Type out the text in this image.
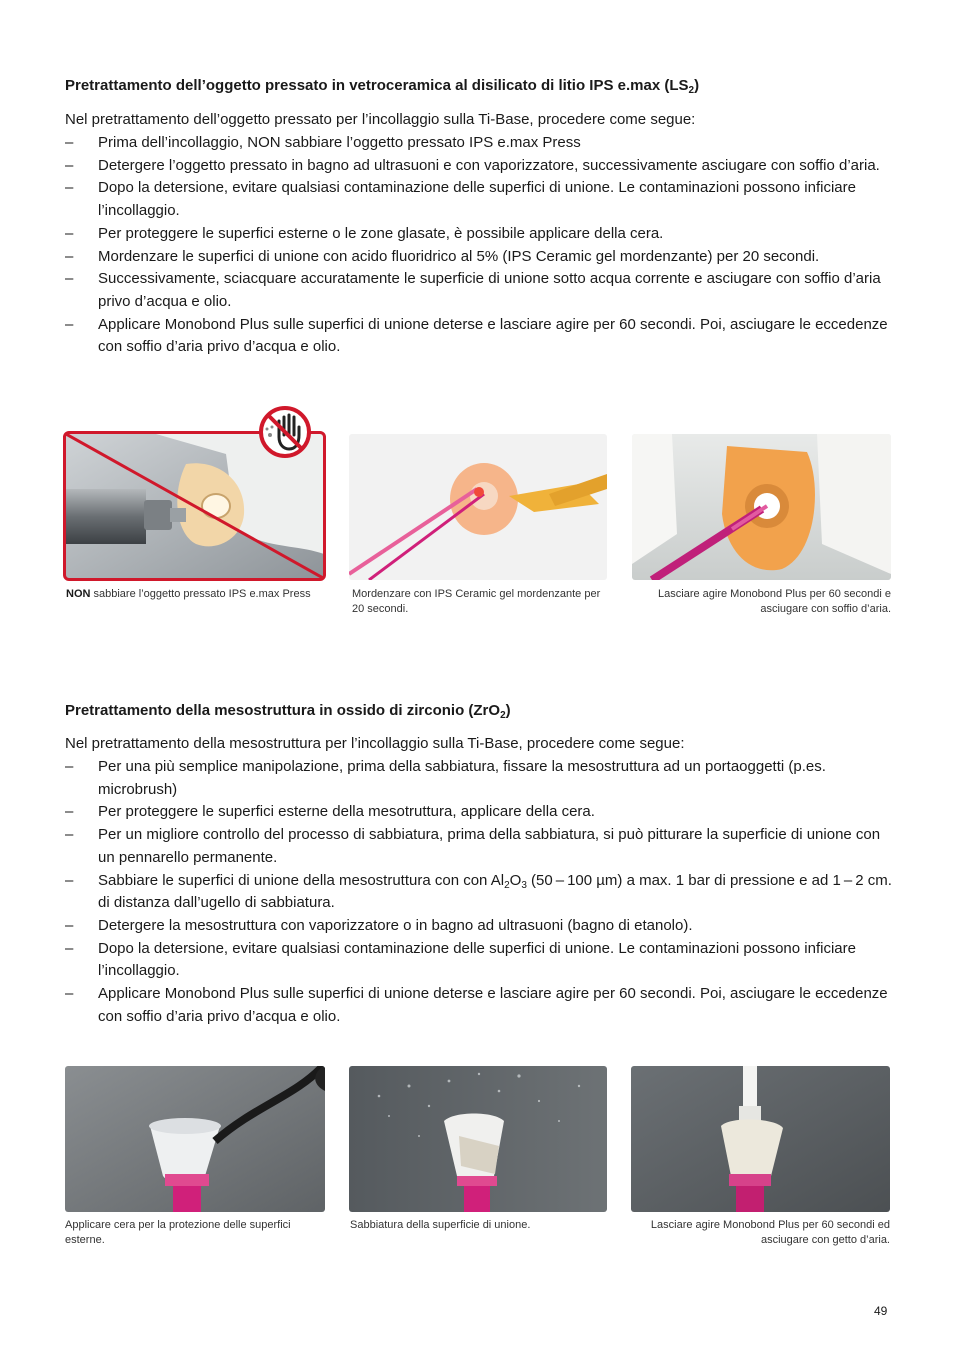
Pretrattamento dell’oggetto pressato in vetroceramica al disilicato di litio IPS e.max $(LS_2)$

Nel pretrattamento dell’oggetto pressato per l’incollaggio sulla Ti-Base, procedere come segue:

– Prima dell’incollaggio, NON sabbiare l’oggetto pressato IPS e.max Press
– Detergere l’oggetto pressato in bagno ad ultrasuoni e con vaporizzatore, successivamente asciugare con soffio d’aria.
– Dopo la detersione, evitare qualsiasi contaminazione delle superfici di unione. Le contaminazioni possono inficiare l’incollaggio.
– Per proteggere le superfici esterne o le zone glasate, è possibile applicare della cera.
– Mordenzare le superfici di unione con acido fluoridrico al 5% (IPS Ceramic gel mordenzante) per 20 secondi.
– Successivamente, sciacquare accuratamente le superficie di unione sotto acqua corrente e asciugare con soffio d’aria privo d’acqua e olio.
– Applicare Monobond Plus sulle superfici di unione deterse e lasciare agire per 60 secondi. Poi, asciugare le eccedenze con soffio d’aria privo d’acqua e olio.

NON sabbiare l’oggetto pressato IPS e.max Press	Mordenzare con IPS Ceramic gel mordenzante per 20 secondi.

Lasciare agire Monobond Plus per 60 secondi e asciugare con soffio d’aria.

Pretrattamento della mesostruttura in ossido di zirconio (ZrO$_2$)

Nel pretrattamento della mesostruttura per l’incollaggio sulla Ti-Base, procedere come segue:

– Per una più semplice manipolazione, prima della sabbiatura, fissare la mesostruttura ad un portaoggetti (p.es. microbrush)
– Per proteggere le superfici esterne della mesotruttura, applicare della cera.
– Per un migliore controllo del processo di sabbiatura, prima della sabbiatura, si può pitturare la superficie di unione con un pennarello permanente.
– Sabbiare le superfici di unione della mesostruttura con con $Al_2O_3$ (50 – 100 µm) a max. 1 bar di pressione e ad 1 – 2 cm. di distanza dall’ugello di sabbiatura.
– Detergere la mesostruttura con vaporizzatore o in bagno ad ultrasuoni (bagno di etanolo).
– Dopo la detersione, evitare qualsiasi contaminazione delle superfici di unione. Le contaminazioni possono inficiare l’incollaggio.
– Applicare Monobond Plus sulle superfici di unione deterse e lasciare agire per 60 secondi. Poi, asciugare le eccedenze con soffio d’aria privo d’acqua e olio.

Applicare cera per la protezione delle superfici esterne.

Sabbiatura della superficie di unione.	Lasciare agire Monobond Plus per 60 secondi ed asciugare con getto d’aria.

49
